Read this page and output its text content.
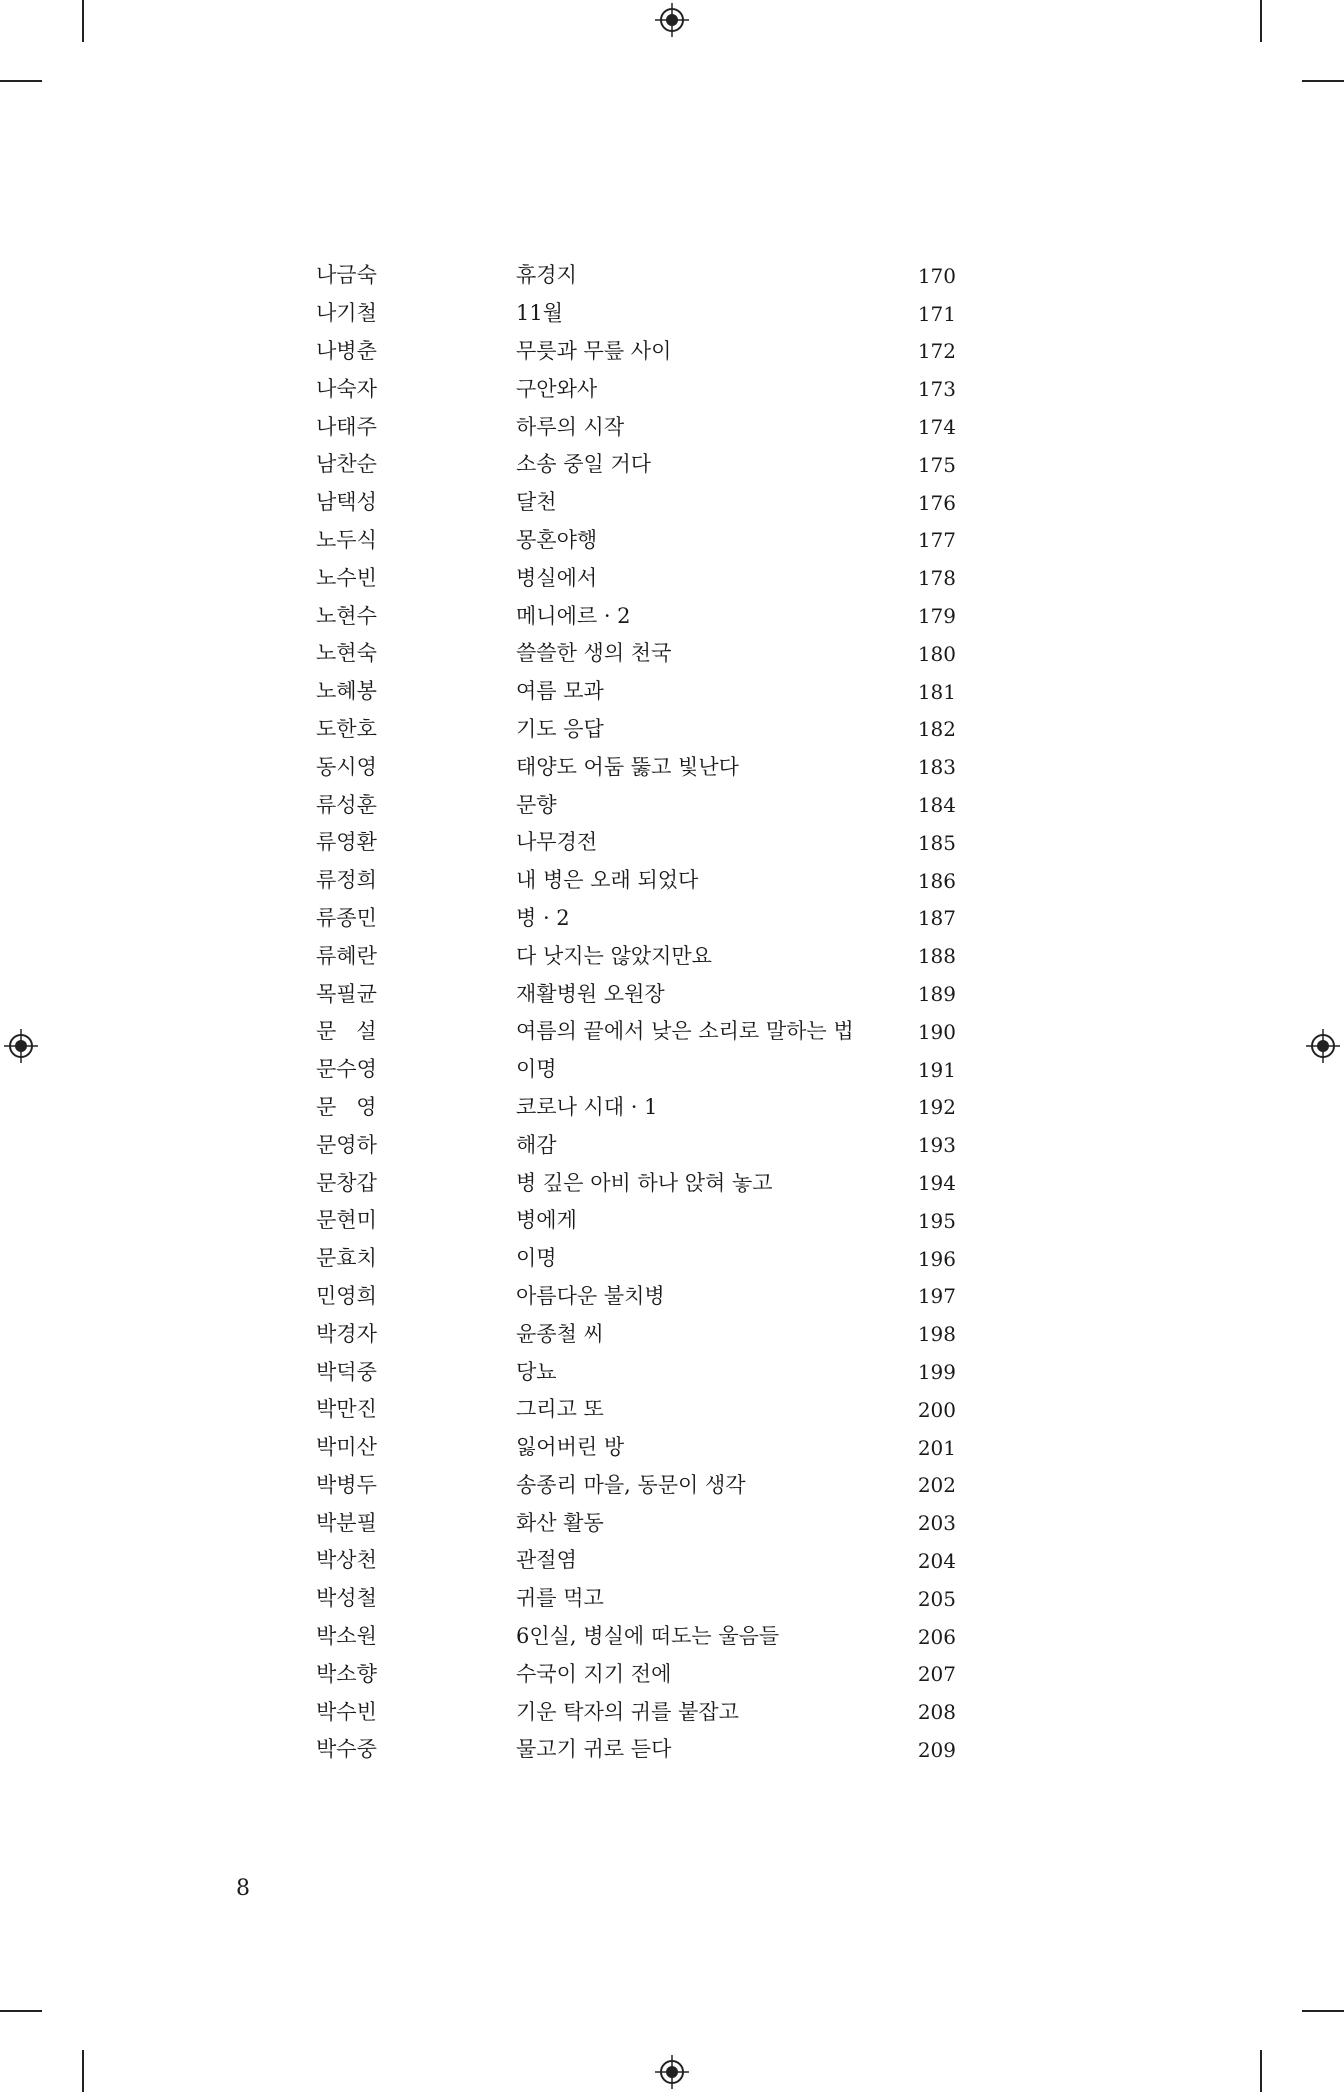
나금숙	휴경지	170
나기철	11월	171
나병춘	무릇과 무릎 사이	172
나숙자	구안와사	173
나태주	하루의 시작	174
남찬순	소송 중일 거다	175
남택성	달천	176
노두식	몽혼야행	177
노수빈	병실에서	178
노현수	메니에르 · 2	179
노현숙	쓸쓸한 생의 천국	180
노혜봉	여름 모과	181
도한호	기도 응답	182
동시영	태양도 어둠 뚫고 빛난다	183
류성훈	문향	184
류영환	나무경전	185
류정희	내 병은 오래 되었다	186
류종민	병 · 2	187
류혜란	다 낫지는 않았지만요	188
목필균	재활병원 오원장	189
문   설	여름의 끝에서 낮은 소리로 말하는 법	190
문수영	이명	191
문   영	코로나 시대 · 1	192
문영하	해감	193
문창갑	병 깊은 아비 하나 앉혀 놓고	194
문현미	병에게	195
문효치	이명	196
민영희	아름다운 불치병	197
박경자	윤종철 씨	198
박덕중	당뇨	199
박만진	그리고 또	200
박미산	잃어버린 방	201
박병두	송종리 마을, 동문이 생각	202
박분필	화산 활동	203
박상천	관절염	204
박성철	귀를 먹고	205
박소원	6인실, 병실에 떠도는 울음들	206
박소향	수국이 지기 전에	207
박수빈	기운 탁자의 귀를 붙잡고	208
박수중	물고기 귀로 듣다	209
8
